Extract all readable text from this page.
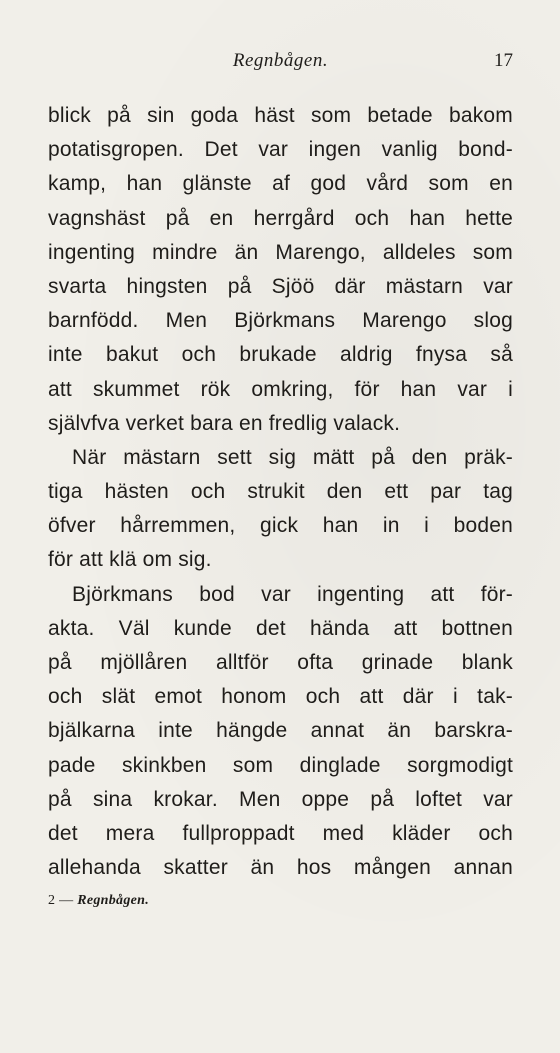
Regnbågen.	17
blick på sin goda häst som betade bakom
potatisgropen. Det var ingen vanlig bond-
kamp, han glänste af god vård som en
vagnshäst på en herrgård och han hette
ingenting mindre än Marengo, alldeles som
svarta hingsten på Sjöö där mästarn var
barnfödd. Men Björkmans Marengo slog
inte bakut och brukade aldrig fnysa så
att skummet rök omkring, för han var i
självfva verket bara en fredlig valack.
När mästarn sett sig mätt på den präk-
tiga hästen och strukit den ett par tag
öfver hårremmen, gick han in i boden
för att klä om sig.
Björkmans bod var ingenting att för-
akta. Väl kunde det hända att bottnen
på mjöllåren alltför ofta grinade blank
och slät emot honom och att där i tak-
bjälkarna inte hängde annat än barskra-
pade skinkben som dinglade sorgmodigt
på sina krokar. Men oppe på loftet var
det mera fullproppadt med kläder och
allehanda skatter än hos mången annan
2 — Regnbågen.
